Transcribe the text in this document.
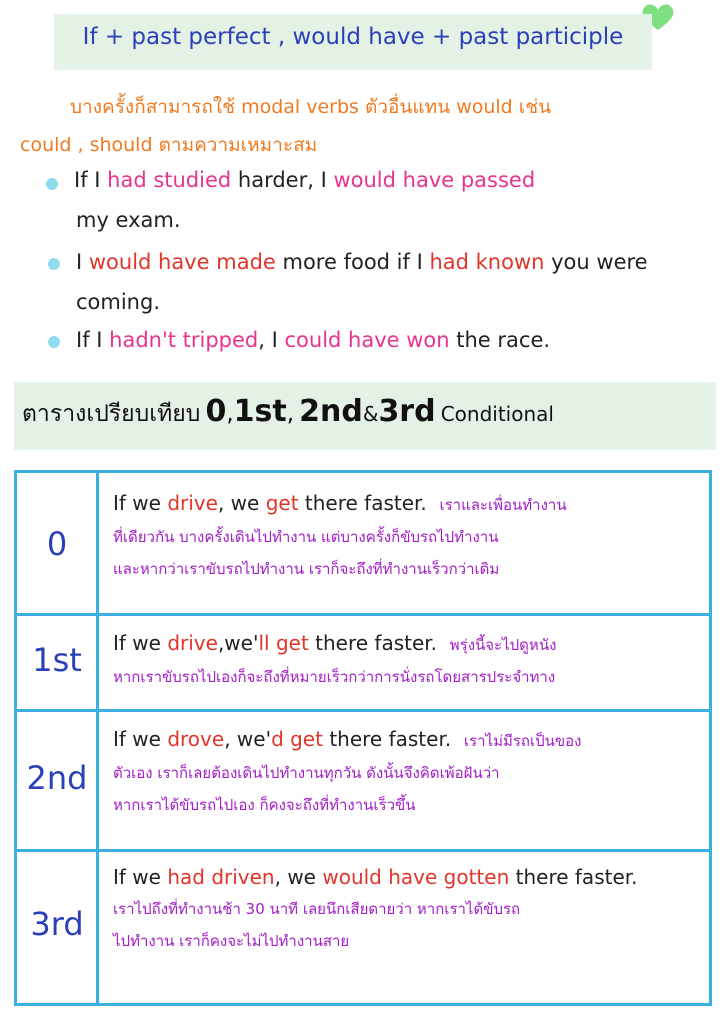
If + past perfect , would have + past participle
บางครั้งก็สามารถใช้ modal verbs ตัวอื่นแทน would เช่น
could , should ตามความเหมาะสม
If I had studied harder, I would have passed
my exam.
I would have made more food if I had known you were
coming.
If I hadn't tripped, I could have won the race.
ตารางเปรียบเทียบ 0,1st, 2nd&3rd Conditional
0
If we drive, we get there faster. เราและเพื่อนทำงาน
ที่เดียวกัน บางครั้งเดินไปทำงาน แต่บางครั้งก็ขับรถไปทำงาน
และหากว่าเราขับรถไปทำงาน เราก็จะถึงที่ทำงานเร็วกว่าเดิม
1st	If we drive,we'll get there faster. พรุ่งนี้จะไปดูหนัง
หากเราขับรถไปเองก็จะถึงที่หมายเร็วกว่าการนั่งรถโดยสารประจำทาง
2nd
If we drove, we'd get there faster. เราไม่มีรถเป็นของ
ตัวเอง เราก็เลยต้องเดินไปทำงานทุกวัน ดังนั้นจึงคิดเพ้อฝันว่า
หากเราได้ขับรถไปเอง ก็คงจะถึงที่ทำงานเร็วขึ้น
3rd
If we had driven, we would have gotten there faster.
เราไปถึงที่ทำงานช้า 30 นาที เลยนึกเสียดายว่า หากเราได้ขับรถ
ไปทำงาน เราก็คงจะไม่ไปทำงานสาย
